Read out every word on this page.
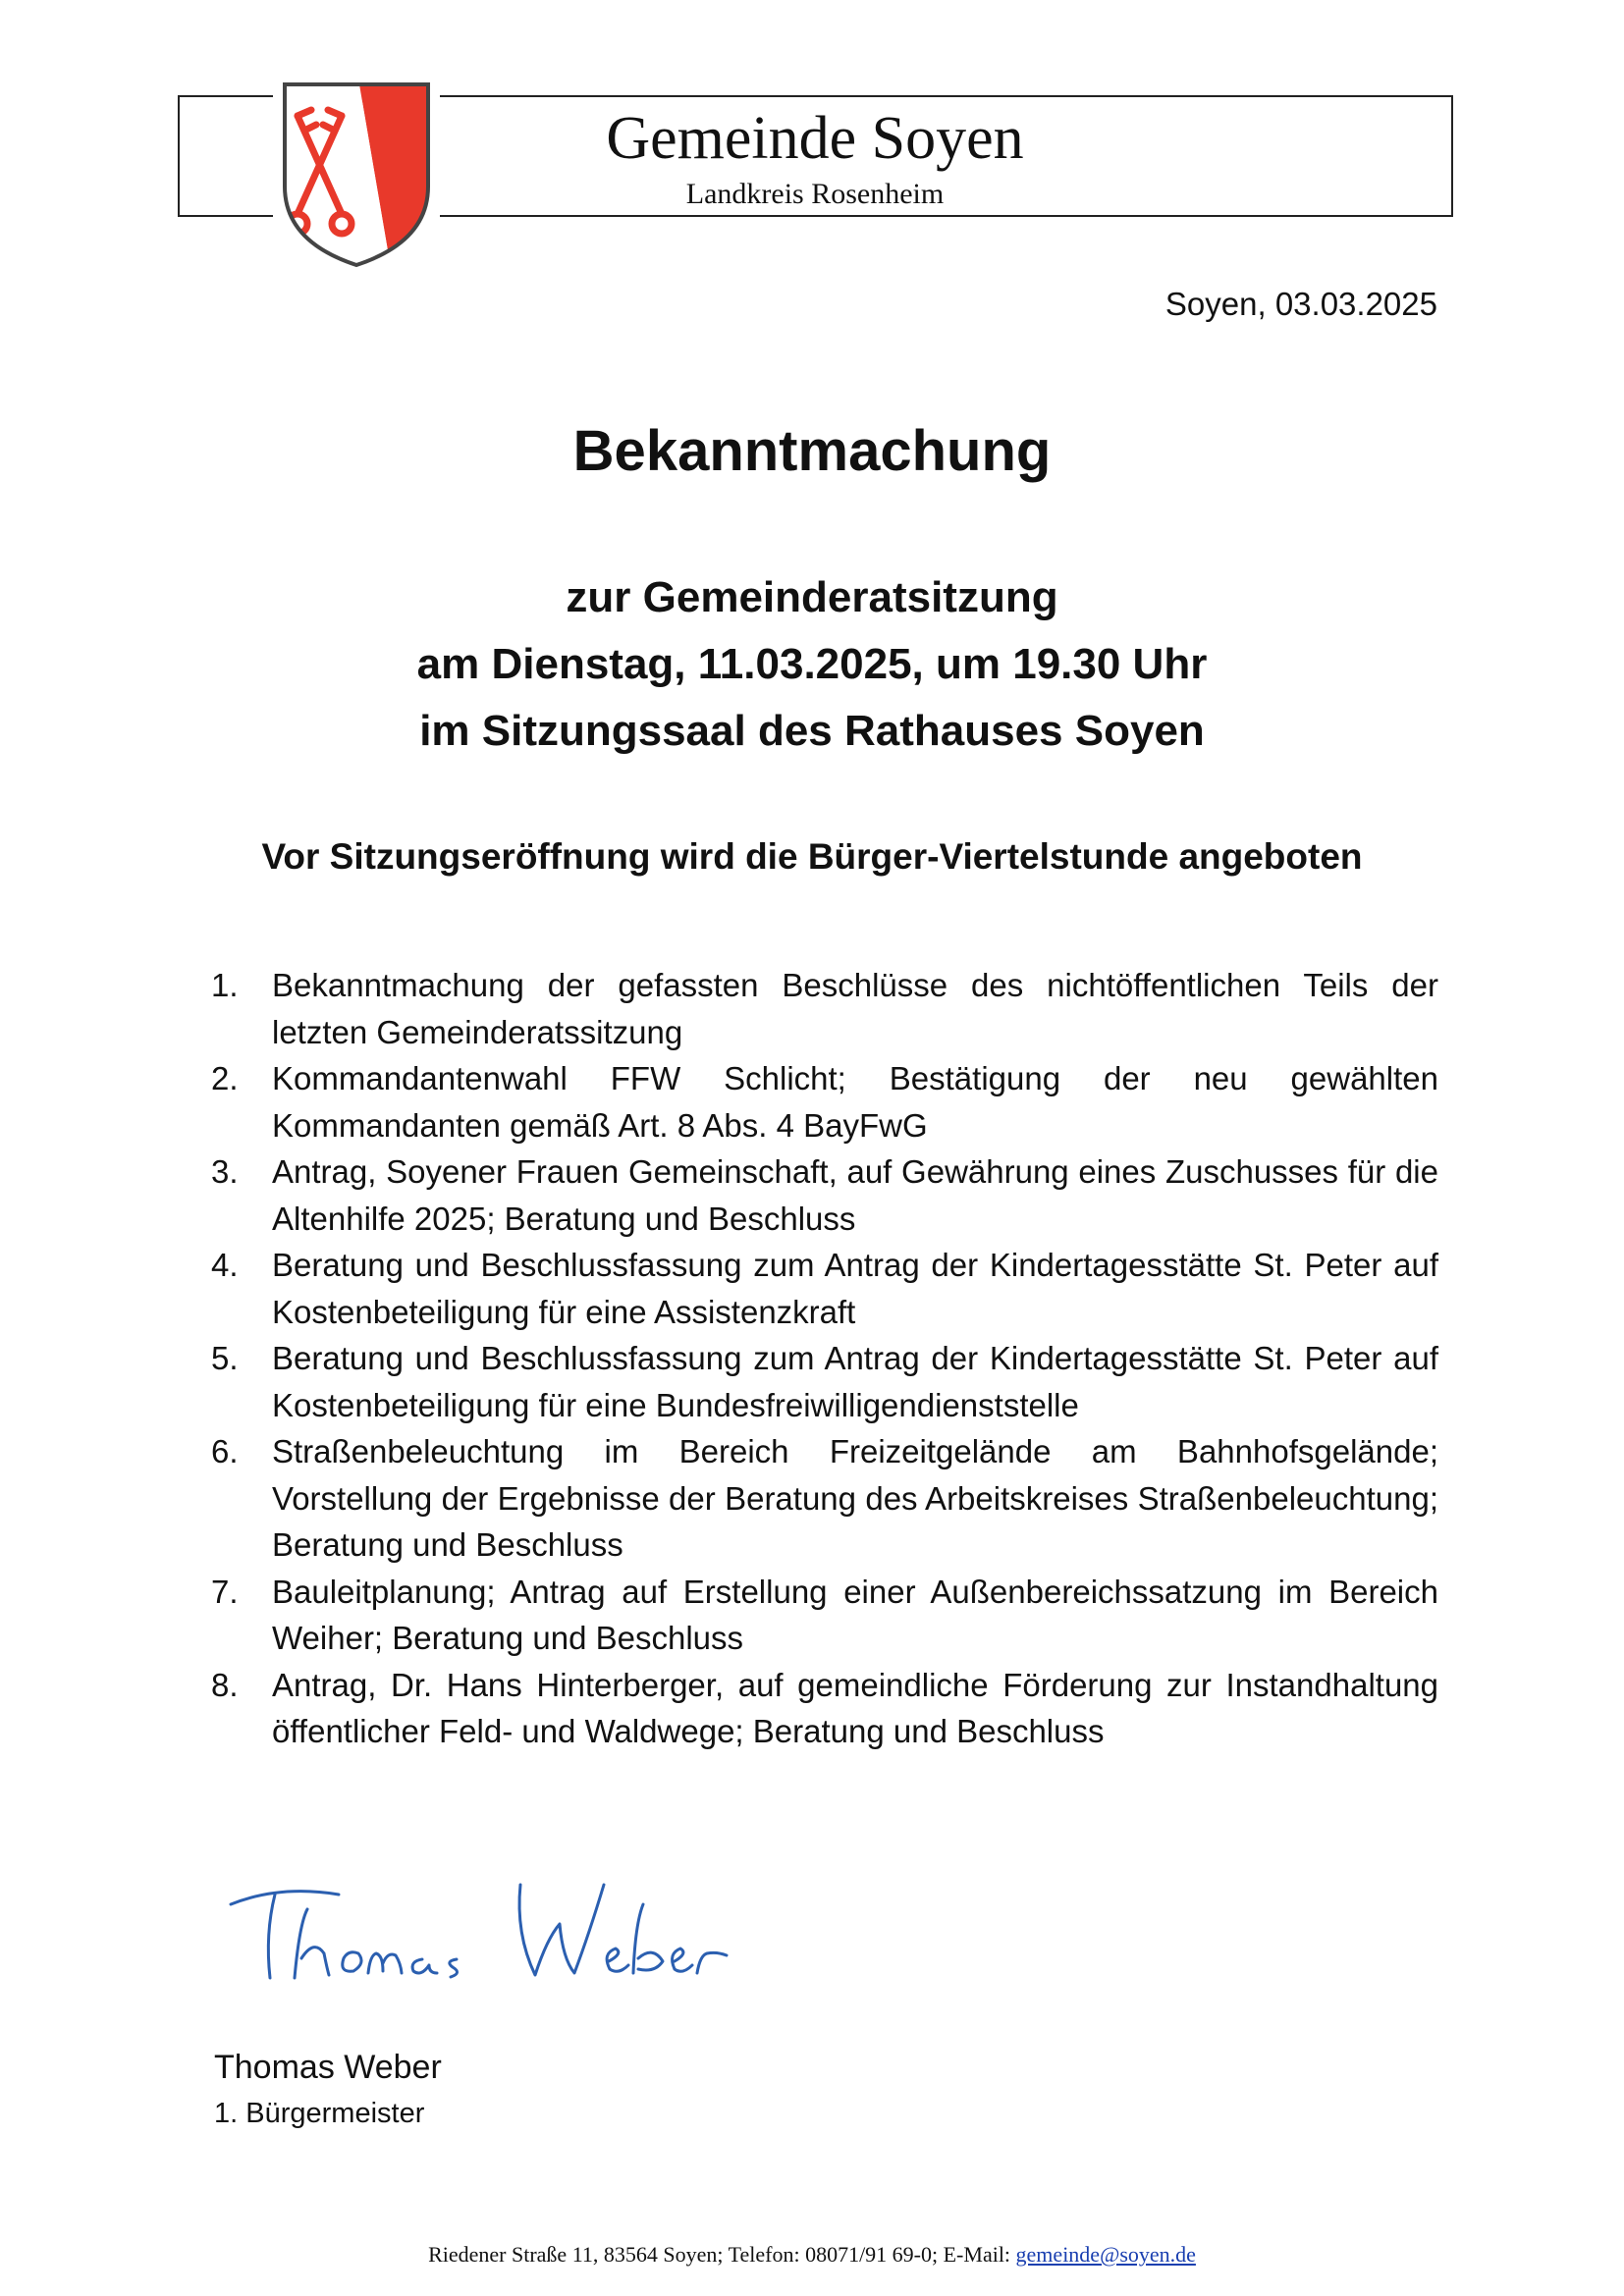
Gemeinde Soyen
Landkreis Rosenheim
Soyen, 03.03.2025
Bekanntmachung
zur Gemeinderatsitzung
am Dienstag, 11.03.2025, um 19.30 Uhr
im Sitzungssaal des Rathauses Soyen
Vor Sitzungseröffnung wird die Bürger-Viertelstunde angeboten
1.	Bekanntmachung der gefassten Beschlüsse des nichtöffentlichen Teils der letzten Gemeinderatssitzung
2.	Kommandantenwahl FFW Schlicht; Bestätigung der neu gewählten Kommandanten gemäß Art. 8 Abs. 4 BayFwG
3.	Antrag, Soyener Frauen Gemeinschaft, auf Gewährung eines Zuschusses für die Altenhilfe 2025; Beratung und Beschluss
4.	Beratung und Beschlussfassung zum Antrag der Kindertagesstätte St. Peter auf Kostenbeteiligung für eine Assistenzkraft
5.	Beratung und Beschlussfassung zum Antrag der Kindertagesstätte St. Peter auf Kostenbeteiligung für eine Bundesfreiwilligendienststelle
6.	Straßenbeleuchtung im Bereich Freizeitgelände am Bahnhofsgelände; Vorstellung der Ergebnisse der Beratung des Arbeitskreises Straßenbeleuchtung; Beratung und Beschluss
7.	Bauleitplanung; Antrag auf Erstellung einer Außenbereichssatzung im Bereich Weiher; Beratung und Beschluss
8.	Antrag, Dr. Hans Hinterberger, auf gemeindliche Förderung zur Instandhaltung öffentlicher Feld- und Waldwege; Beratung und Beschluss
Thomas Weber
1. Bürgermeister
Riedener Straße 11, 83564 Soyen; Telefon: 08071/91 69-0; E-Mail: gemeinde@soyen.de
